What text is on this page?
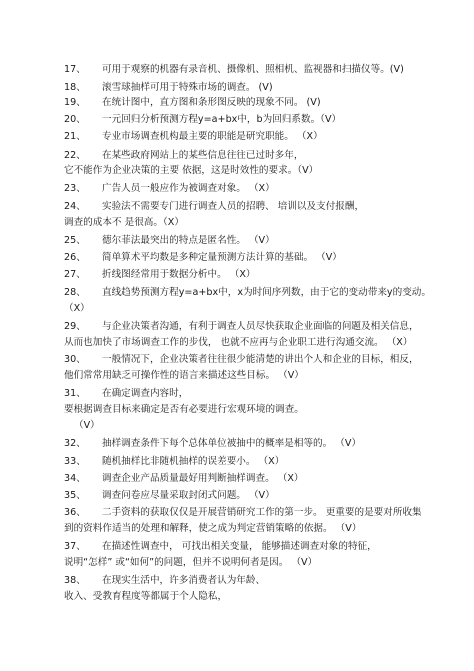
17、 可用于观察的机器有录音机、摄像机、照相机、监视器和扫描仪等。(V)
18、 滚雪球抽样可用于特殊市场的调查。 (V)
19、 在统计图中，直方图和条形图反映的现象不同。 (V)
20、 一元回归分析预测方程y=a+bx中，b为回归系数。（V）
21、 专业市场调查机构最主要的职能是研究职能。 （X）
22、 在某些政府网站上的某些信息往往已过时多年，
它不能作为企业决策的主要 依据，这是时效性的要求。（V）
23、 广告人员一般应作为被调查对象。 （X）
24、 实验法不需要专门进行调查人员的招聘、 培训以及支付报酬，
调查的成本不 是很高。（X）
25、 德尔菲法最突出的特点是匿名性。 （V）
26、 简单算术平均数是多种定量预测方法计算的基础。 （V）
27、 折线图经常用于数据分析中。 （X）
28、 直线趋势预测方程y=a+bx中，x为时间序列数，由于它的变动带来y的变动。
（X）
29、 与企业决策者沟通，有利于调查人员尽快获取企业面临的问题及相关信息，
从而也加快了市场调查工作的步伐， 也就不应再与企业职工进行沟通交流。 （X）
30、 一般情况下，企业决策者往往很少能清楚的讲出个人和企业的目标，相反，
他们常常用缺乏可操作性的语言来描述这些目标。 （V）
31、 在确定调查内容时，
要根据调查目标来确定是否有必要进行宏观环境的调查。
（V）
32、 抽样调查条件下每个总体单位被抽中的概率是相等的。 （V）
33、 随机抽样比非随机抽样的误差要小。 （X）
34、 调查企业产品质量最好用判断抽样调查。 （X）
35、 调查问卷应尽量采取封闭式问题。 （V）
36、 二手资料的获取仅仅是开展营销研究工作的第一步。 更重要的是要对所收集
到的资料作适当的处理和解释，使之成为判定营销策略的依据。 （V）
37、 在描述性调查中， 可找出相关变量， 能够描述调查对象的特征，
说明“怎样” 或“如何”的问题，但并不说明何者是因。 （V）
38、 在现实生活中，许多消费者认为年龄、
收入、受教育程度等都属于个人隐私，
